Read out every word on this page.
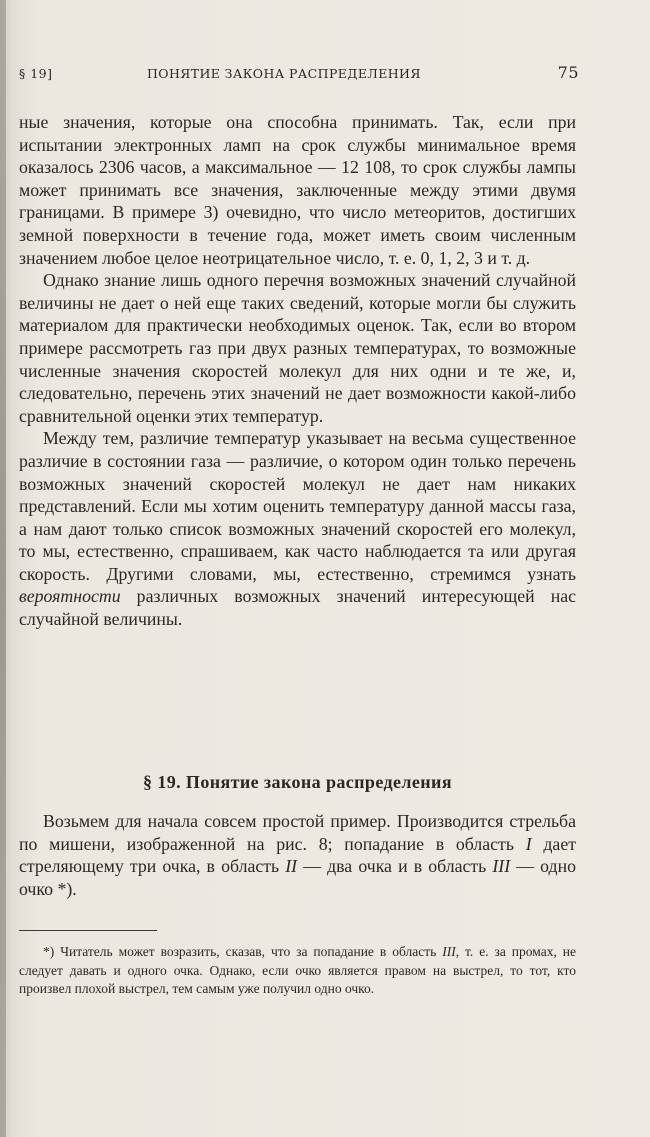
§ 19]	ПОНЯТИЕ ЗАКОНА РАСПРЕДЕЛЕНИЯ	75

ные значения, которые она способна принимать. Так, если при испытании электронных ламп на срок службы минимальное время оказалось 2306 часов, а максимальное — 12 108, то срок службы лампы может принимать все значения, заключенные между этими двумя границами. В примере 3) очевидно, что число метеоритов, достигших земной поверхности в течение года, может иметь своим численным значением любое целое неотрицательное число, т. е. 0, 1, 2, 3 и т. д.

Однако знание лишь одного перечня возможных значений случайной величины не дает о ней еще таких сведений, которые могли бы служить материалом для практически необходимых оценок. Так, если во втором примере рассмотреть газ при двух разных температурах, то возможные численные значения скоростей молекул для них одни и те же, и, следовательно, перечень этих значений не дает возможности какой-либо сравнительной оценки этих температур.

Между тем, различие температур указывает на весьма существенное различие в состоянии газа — различие, о котором один только перечень возможных значений скоростей молекул не дает нам никаких представлений. Если мы хотим оценить температуру данной массы газа, а нам дают только список возможных значений скоростей его молекул, то мы, естественно, спрашиваем, как часто наблюдается та или другая скорость. Другими словами, мы, естественно, стремимся узнать вероятности различных возможных значений интересующей нас случайной величины.

§ 19. Понятие закона распределения

Возьмем для начала совсем простой пример. Производится стрельба по мишени, изображенной на рис. 8; попадание в область I дает стреляющему три очка, в область II — два очка и в область III — одно очко *).

*) Читатель может возразить, сказав, что за попадание в область III, т. е. за промах, не следует давать и одного очка. Однако, если очко является правом на выстрел, то тот, кто произвел плохой выстрел, тем самым уже получил одно очко.
